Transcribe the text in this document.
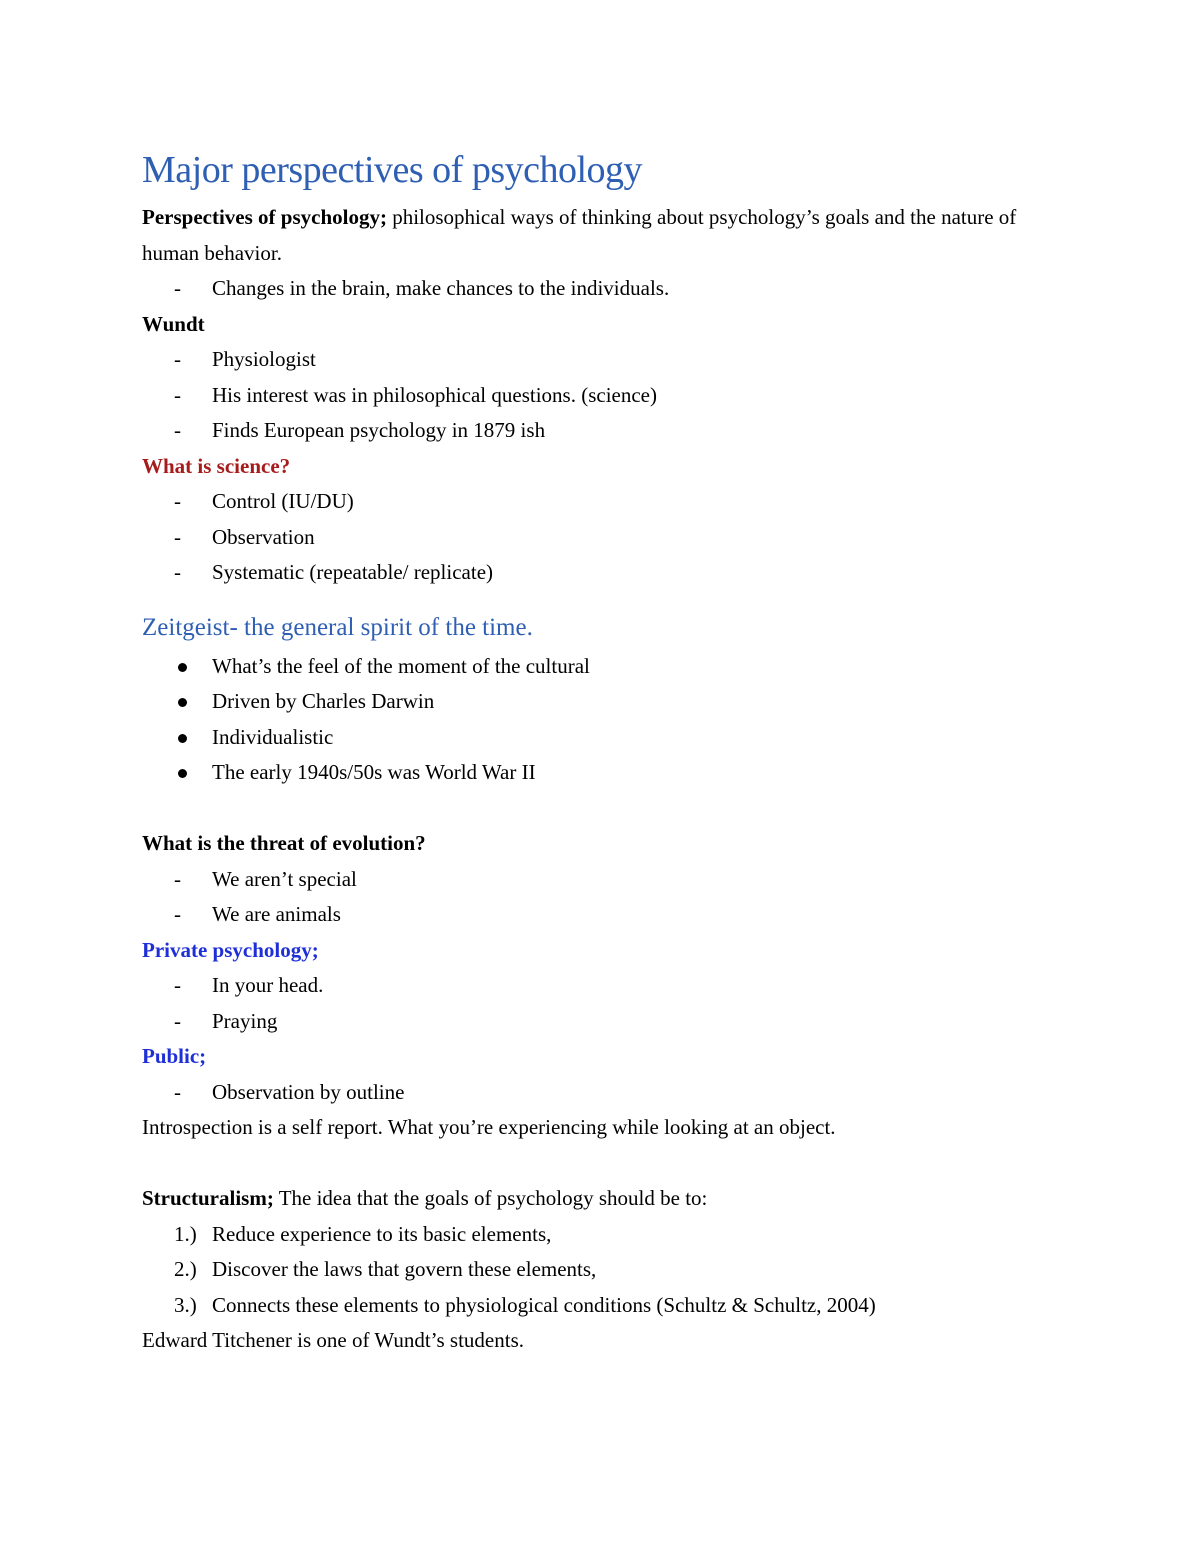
Major perspectives of psychology

Perspectives of psychology; philosophical ways of thinking about psychology’s goals and the nature of human behavior.

- Changes in the brain, make chances to the individuals.

Wundt

- Physiologist
- His interest was in philosophical questions. (science)
- Finds European psychology in 1879 ish

What is science?

- Control (IU/DU)
- Observation
- Systematic (repeatable/ replicate)
Zeitgeist- the general spirit of the time.
What’s the feel of the moment of the cultural
Driven by Charles Darwin
Individualistic
The early 1940s/50s was World War II

What is the threat of evolution?

- We aren’t special
- We are animals

Private psychology;

- In your head.
- Praying

Public;

- Observation by outline

Introspection is a self report. What you’re experiencing while looking at an object.

Structuralism; The idea that the goals of psychology should be to:

1.) Reduce experience to its basic elements,
2.) Discover the laws that govern these elements,
3.) Connects these elements to physiological conditions (Schultz & Schultz, 2004)

Edward Titchener is one of Wundt’s students.
